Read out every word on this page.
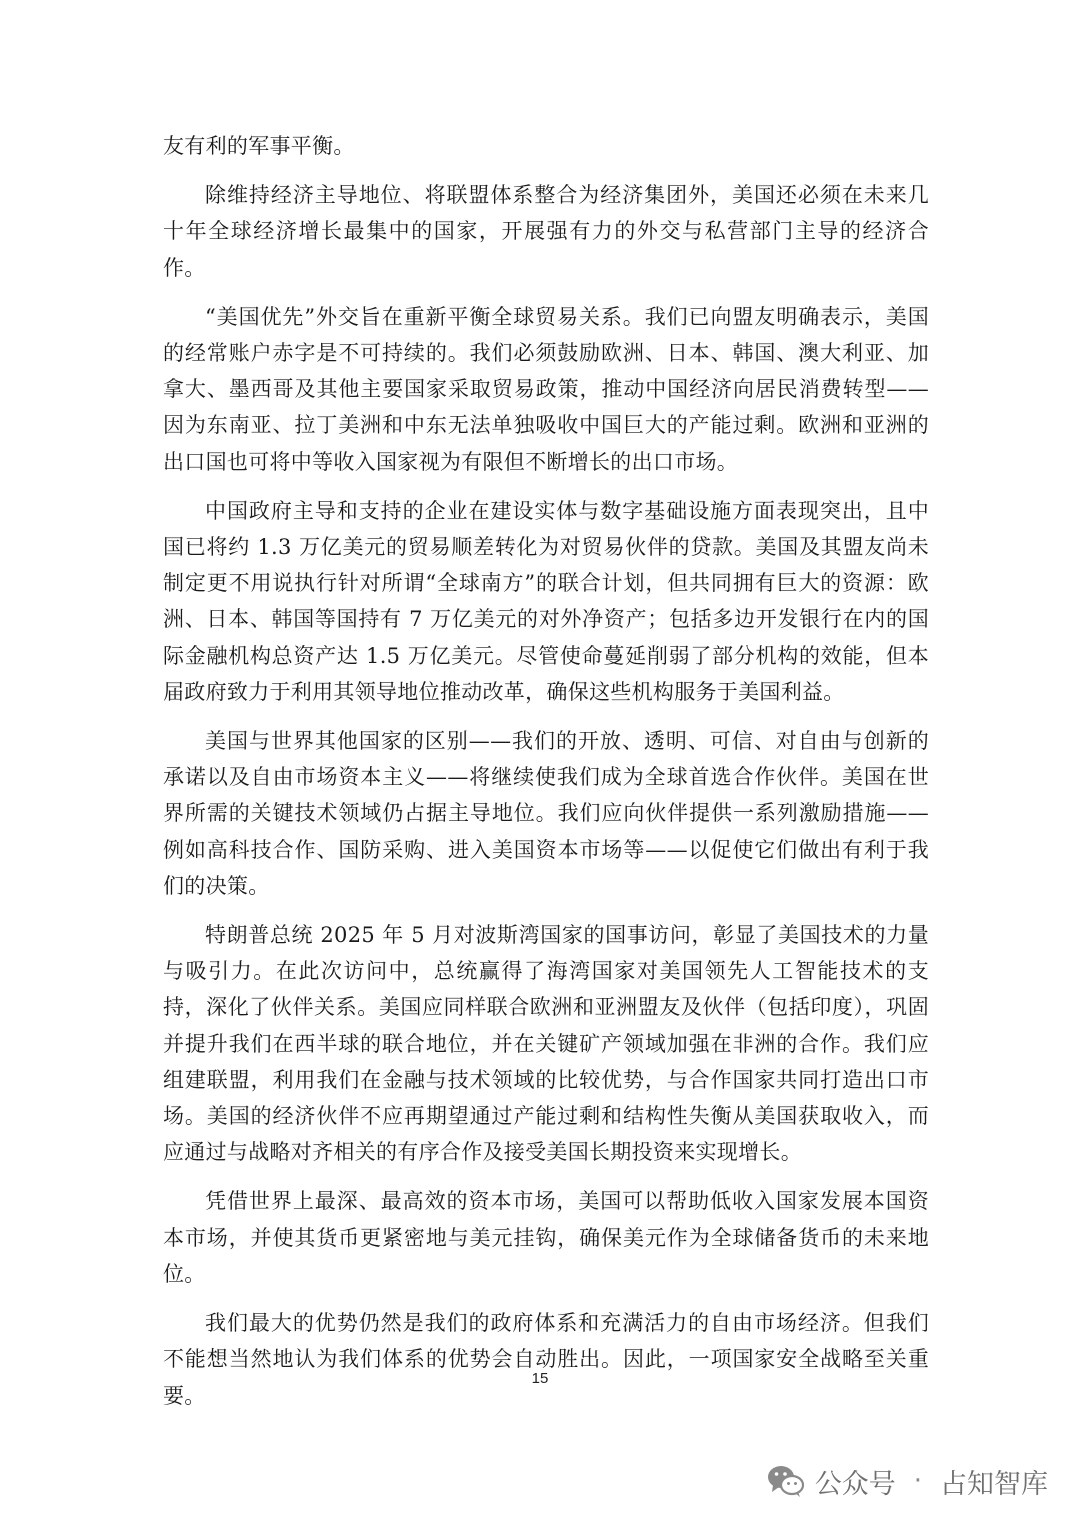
友有利的军事平衡。

除维持经济主导地位、将联盟体系整合为经济集团外，美国还必须在未来几十年全球经济增长最集中的国家，开展强有力的外交与私营部门主导的经济合作。

“美国优先”外交旨在重新平衡全球贸易关系。我们已向盟友明确表示，美国的经常账户赤字是不可持续的。我们必须鼓励欧洲、日本、韩国、澳大利亚、加拿大、墨西哥及其他主要国家采取贸易政策，推动中国经济向居民消费转型——因为东南亚、拉丁美洲和中东无法单独吸收中国巨大的产能过剩。欧洲和亚洲的出口国也可将中等收入国家视为有限但不断增长的出口市场。

中国政府主导和支持的企业在建设实体与数字基础设施方面表现突出，且中国已将约 1.3 万亿美元的贸易顺差转化为对贸易伙伴的贷款。美国及其盟友尚未制定更不用说执行针对所谓“全球南方”的联合计划，但共同拥有巨大的资源：欧洲、日本、韩国等国持有 7 万亿美元的对外净资产；包括多边开发银行在内的国际金融机构总资产达 1.5 万亿美元。尽管使命蔓延削弱了部分机构的效能，但本届政府致力于利用其领导地位推动改革，确保这些机构服务于美国利益。

美国与世界其他国家的区别——我们的开放、透明、可信、对自由与创新的承诺以及自由市场资本主义——将继续使我们成为全球首选合作伙伴。美国在世界所需的关键技术领域仍占据主导地位。我们应向伙伴提供一系列激励措施——例如高科技合作、国防采购、进入美国资本市场等——以促使它们做出有利于我们的决策。

特朗普总统 2025 年 5 月对波斯湾国家的国事访问，彰显了美国技术的力量与吸引力。在此次访问中，总统赢得了海湾国家对美国领先人工智能技术的支持，深化了伙伴关系。美国应同样联合欧洲和亚洲盟友及伙伴（包括印度），巩固并提升我们在西半球的联合地位，并在关键矿产领域加强在非洲的合作。我们应组建联盟，利用我们在金融与技术领域的比较优势，与合作国家共同打造出口市场。美国的经济伙伴不应再期望通过产能过剩和结构性失衡从美国获取收入，而应通过与战略对齐相关的有序合作及接受美国长期投资来实现增长。

凭借世界上最深、最高效的资本市场，美国可以帮助低收入国家发展本国资本市场，并使其货币更紧密地与美元挂钩，确保美元作为全球储备货币的未来地位。

我们最大的优势仍然是我们的政府体系和充满活力的自由市场经济。但我们不能想当然地认为我们体系的优势会自动胜出。因此，一项国家安全战略至关重要。

15
公众号 · 占知智库
